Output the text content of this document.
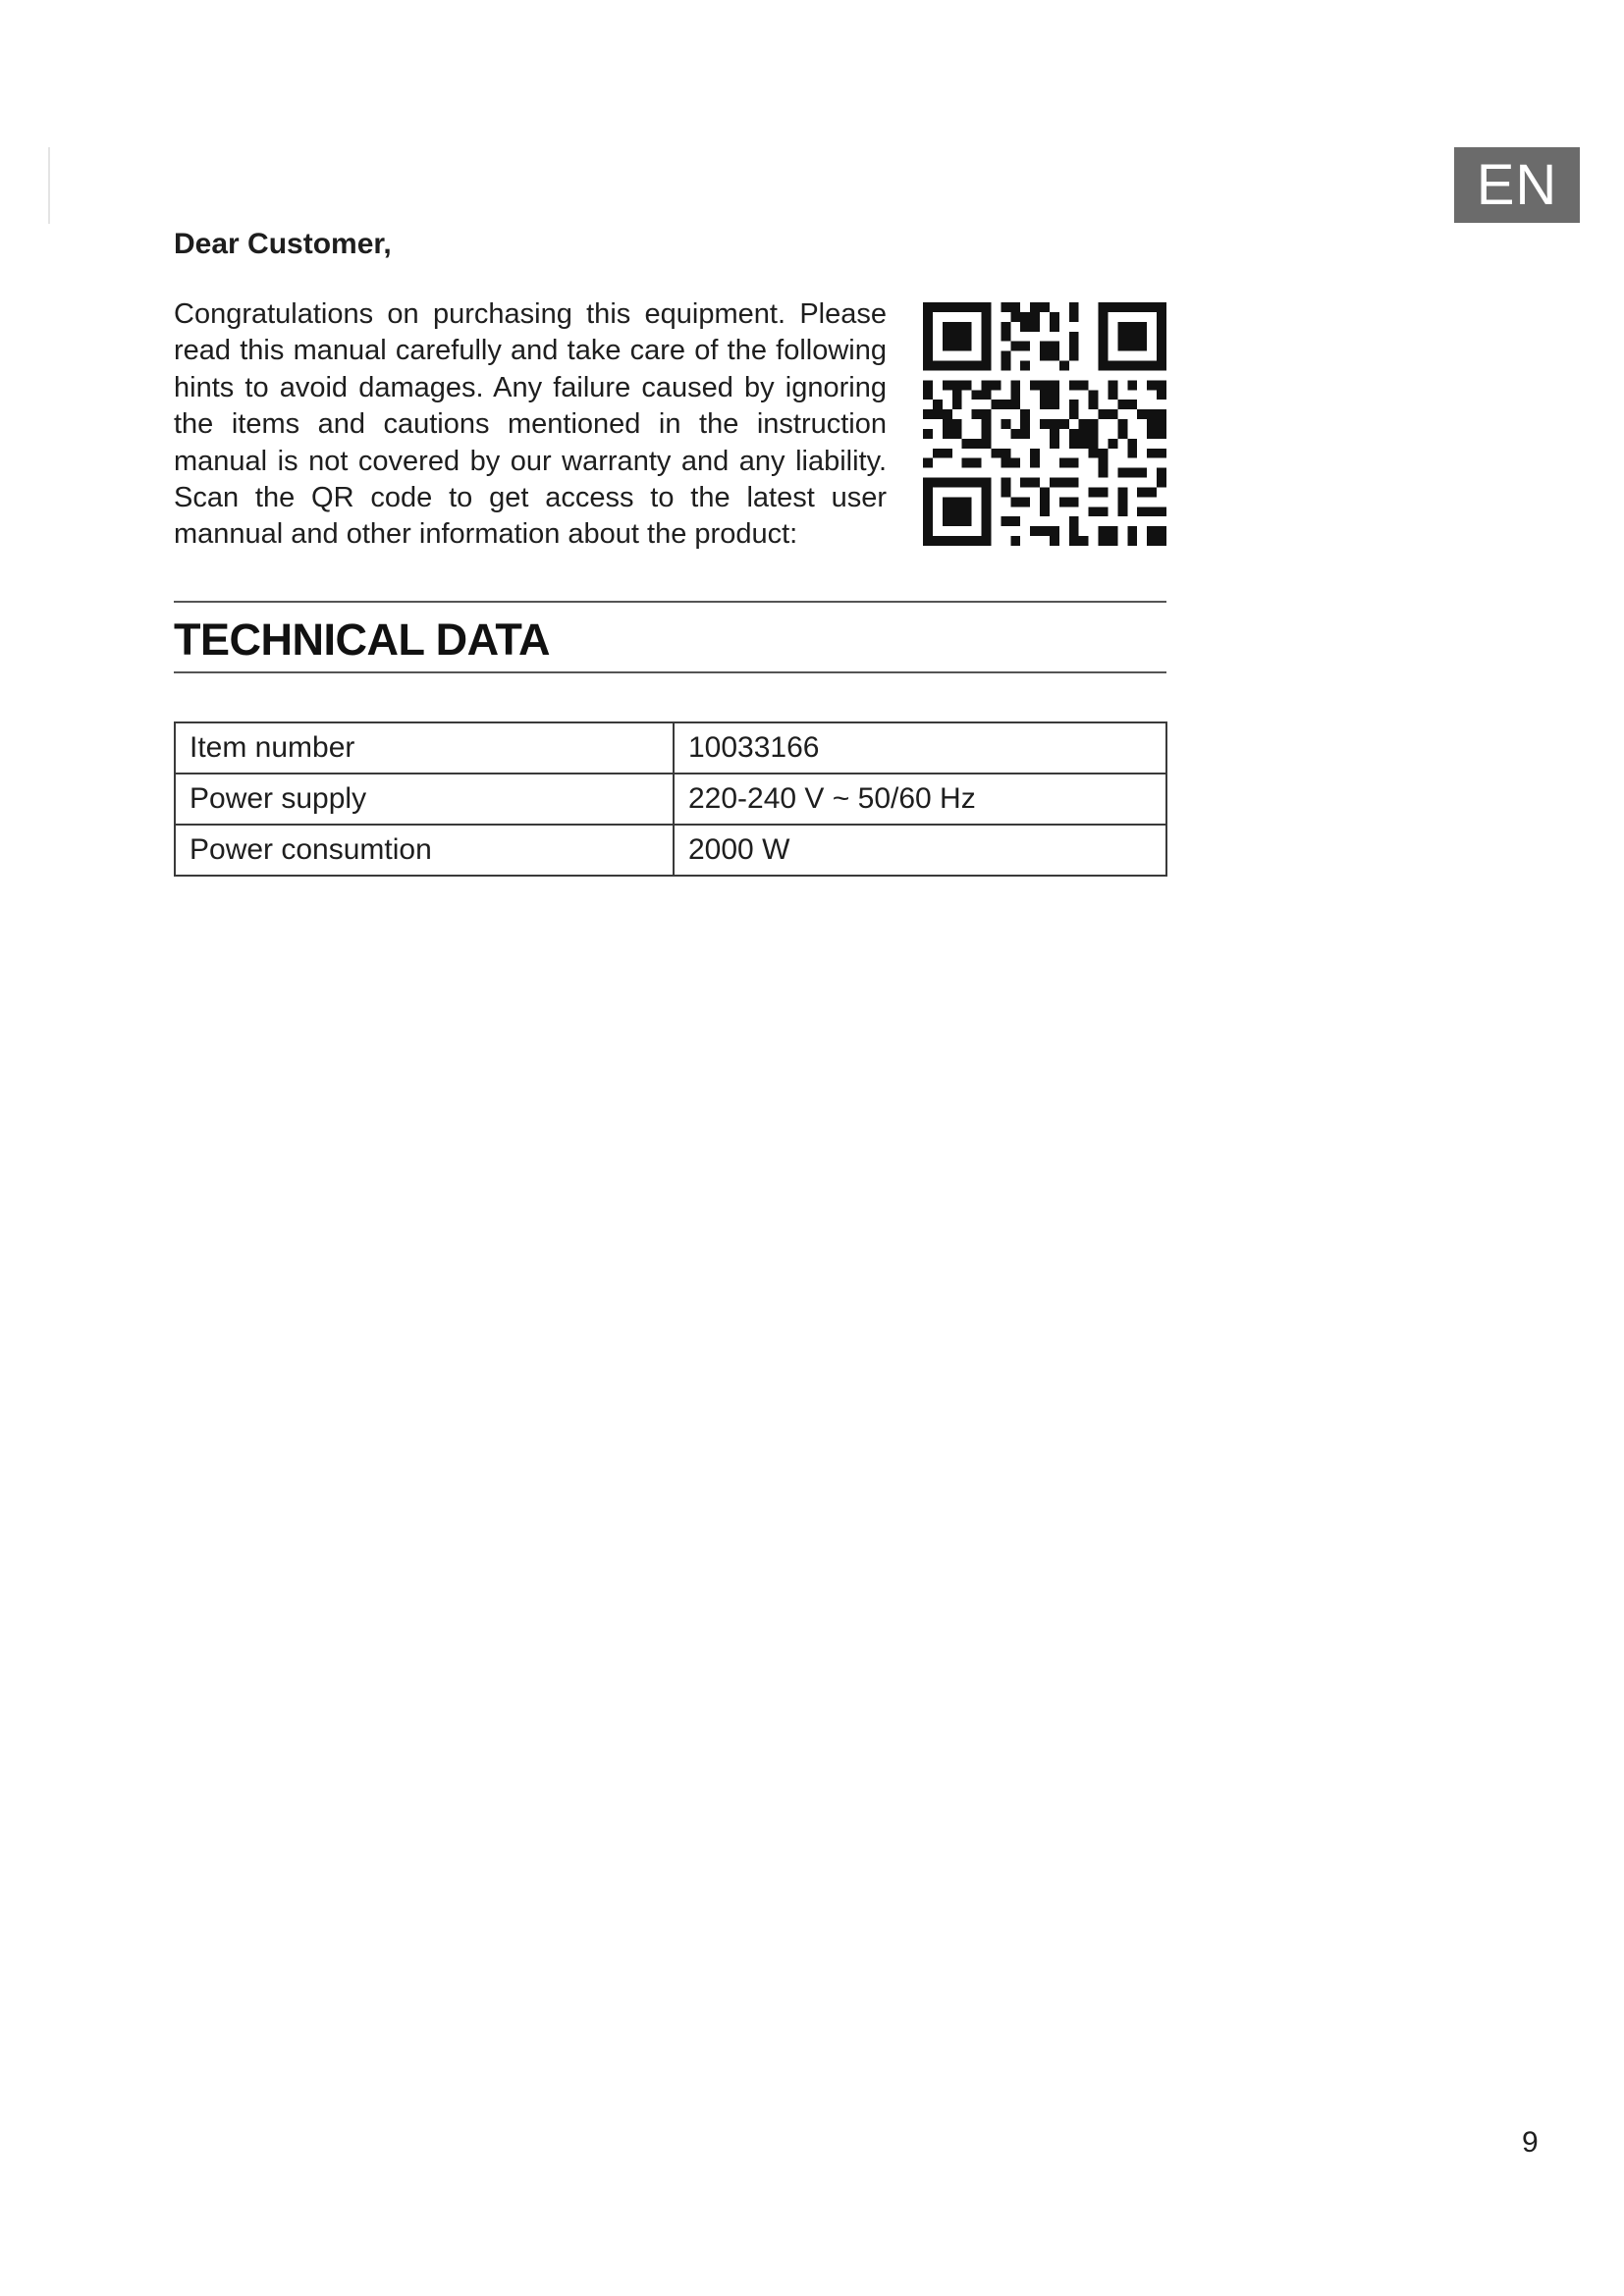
EN
Dear Customer,

Congratulations on purchasing this equipment. Please read this manual carefully and take care of the following hints to avoid damages. Any failure caused by ignoring the items and cautions mentioned in the instruction manual is not covered by our warranty and any liability. Scan the QR code to get access to the latest user mannual and other information about the product:

TECHNICAL DATA
Item number	10033166
Power supply	220-240 V ~ 50/60 Hz
Power consumtion	2000 W
9
